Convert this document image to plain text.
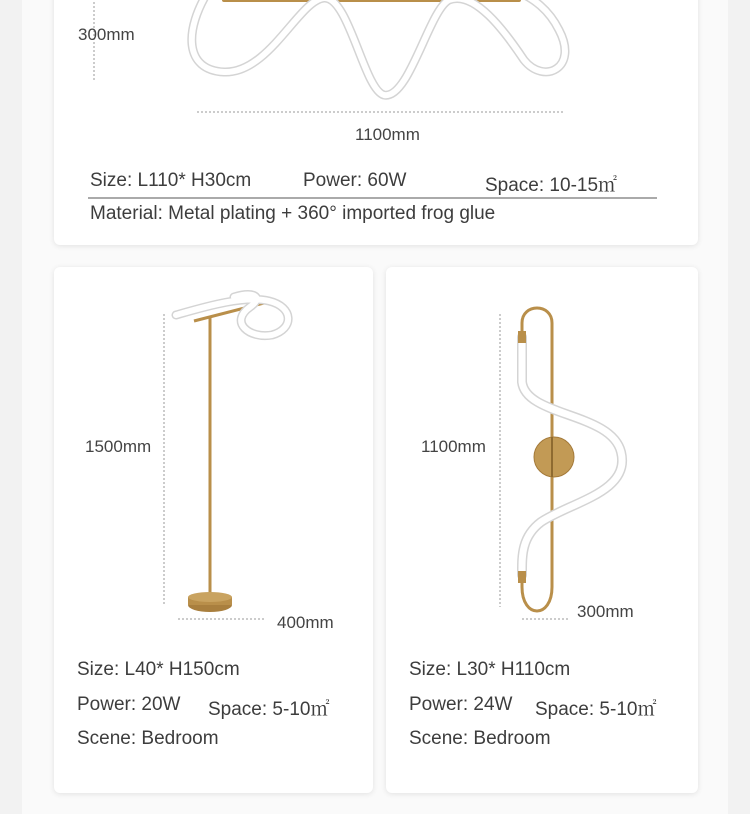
300mm
1100mm
Size: L110* H30cm	Power: 60W	Space: 10-15㎡
Material: Metal plating + 360° imported frog glue
1500mm
400mm
Size: L40* H150cm
Power: 20W Space: 5-10㎡
Scene: Bedroom
1100mm
300mm
Size: L30* H110cm
Power: 24W Space: 5-10㎡
Scene: Bedroom
